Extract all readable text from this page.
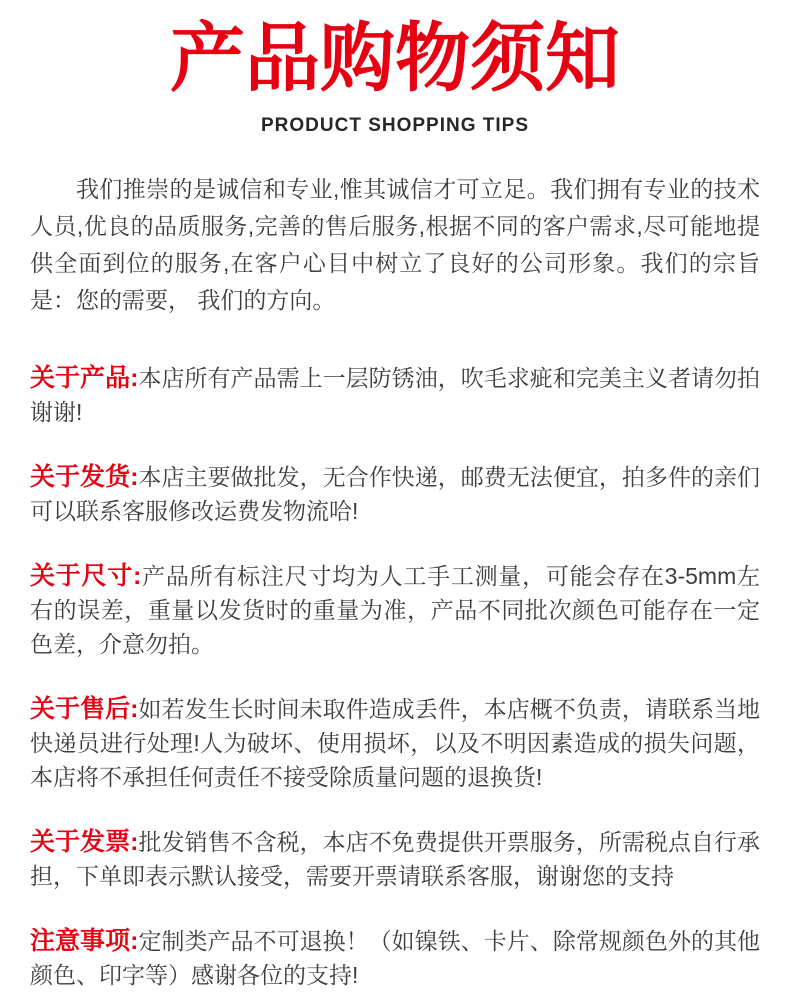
产品购物须知
PRODUCT SHOPPING TIPS

我们推崇的是诚信和专业,惟其诚信才可立足。我们拥有专业的技术人员,优良的品质服务,完善的售后服务,根据不同的客户需求,尽可能地提供全面到位的服务,在客户心目中树立了良好的公司形象。我们的宗旨是：您的需要， 我们的方向。

关于产品:本店所有产品需上一层防锈油，吹毛求疵和完美主义者请勿拍谢谢!

关于发货:本店主要做批发，无合作快递，邮费无法便宜，拍多件的亲们可以联系客服修改运费发物流哈!

关于尺寸:产品所有标注尺寸均为人工手工测量，可能会存在3-5mm左右的误差，重量以发货时的重量为准，产品不同批次颜色可能存在一定色差，介意勿拍。

关于售后:如若发生长时间未取件造成丢件，本店概不负责，请联系当地快递员进行处理!人为破坏、使用损坏，以及不明因素造成的损失问题，本店将不承担任何责任不接受除质量问题的退换货!

关于发票:批发销售不含税，本店不免费提供开票服务，所需税点自行承担，下单即表示默认接受，需要开票请联系客服，谢谢您的支持

注意事项:定制类产品不可退换！（如镍铁、卡片、除常规颜色外的其他颜色、印字等）感谢各位的支持!
